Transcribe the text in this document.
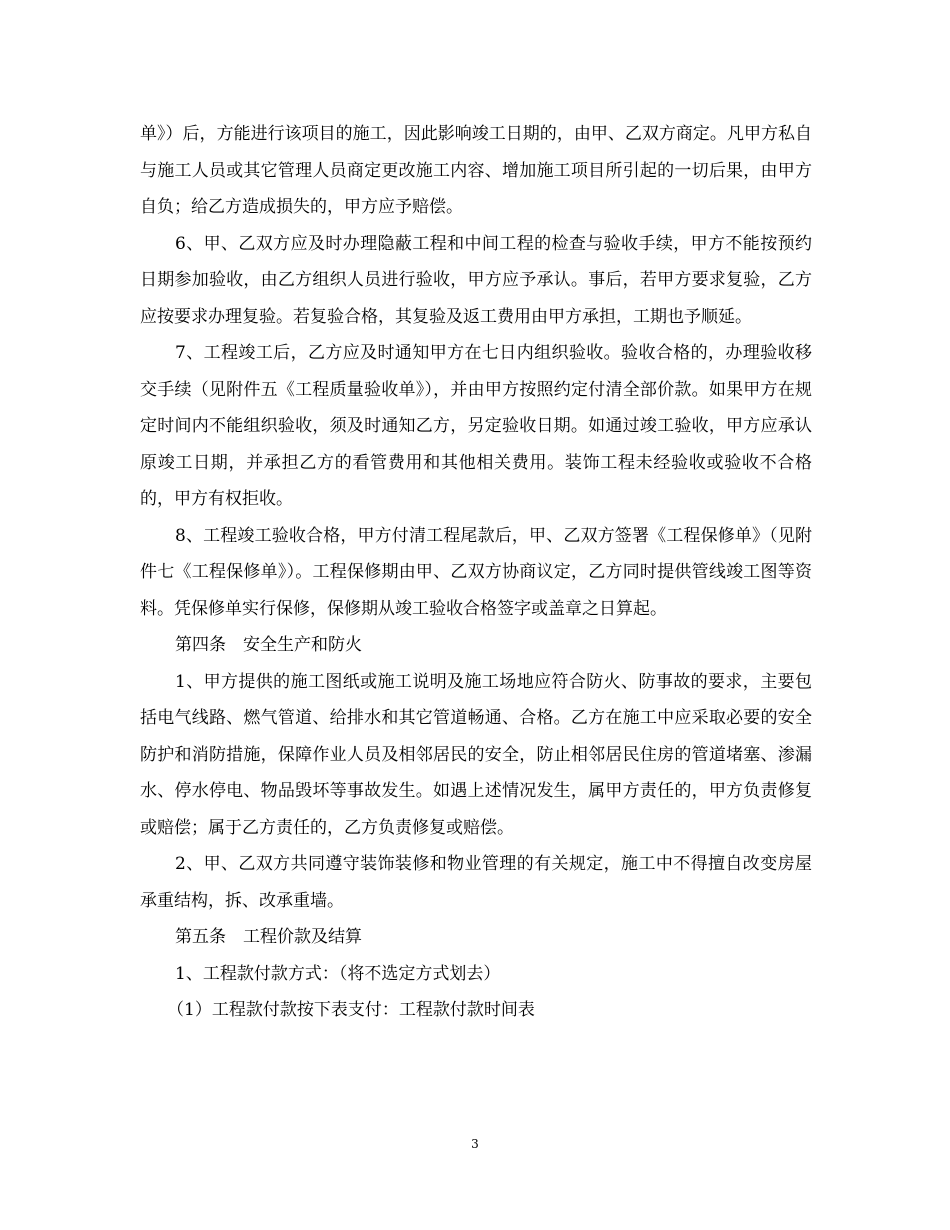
单》）后，方能进行该项目的施工，因此影响竣工日期的，由甲、乙双方商定。凡甲方私自与施工人员或其它管理人员商定更改施工内容、增加施工项目所引起的一切后果，由甲方自负；给乙方造成损失的，甲方应予赔偿。

6、甲、乙双方应及时办理隐蔽工程和中间工程的检查与验收手续，甲方不能按预约日期参加验收，由乙方组织人员进行验收，甲方应予承认。事后，若甲方要求复验，乙方应按要求办理复验。若复验合格，其复验及返工费用由甲方承担，工期也予顺延。

7、工程竣工后，乙方应及时通知甲方在七日内组织验收。验收合格的，办理验收移交手续（见附件五《工程质量验收单》），并由甲方按照约定付清全部价款。如果甲方在规定时间内不能组织验收，须及时通知乙方，另定验收日期。如通过竣工验收，甲方应承认原竣工日期，并承担乙方的看管费用和其他相关费用。装饰工程未经验收或验收不合格的，甲方有权拒收。

8、工程竣工验收合格，甲方付清工程尾款后，甲、乙双方签署《工程保修单》（见附件七《工程保修单》）。工程保修期由甲、乙双方协商议定，乙方同时提供管线竣工图等资料。凭保修单实行保修，保修期从竣工验收合格签字或盖章之日算起。

第四条　安全生产和防火

1、甲方提供的施工图纸或施工说明及施工场地应符合防火、防事故的要求，主要包括电气线路、燃气管道、给排水和其它管道畅通、合格。乙方在施工中应采取必要的安全防护和消防措施，保障作业人员及相邻居民的安全，防止相邻居民住房的管道堵塞、渗漏水、停水停电、物品毁坏等事故发生。如遇上述情况发生，属甲方责任的，甲方负责修复或赔偿；属于乙方责任的，乙方负责修复或赔偿。

2、甲、乙双方共同遵守装饰装修和物业管理的有关规定，施工中不得擅自改变房屋承重结构，拆、改承重墙。

第五条　工程价款及结算

1、工程款付款方式：（将不选定方式划去）

（1）工程款付款按下表支付：工程款付款时间表

3
